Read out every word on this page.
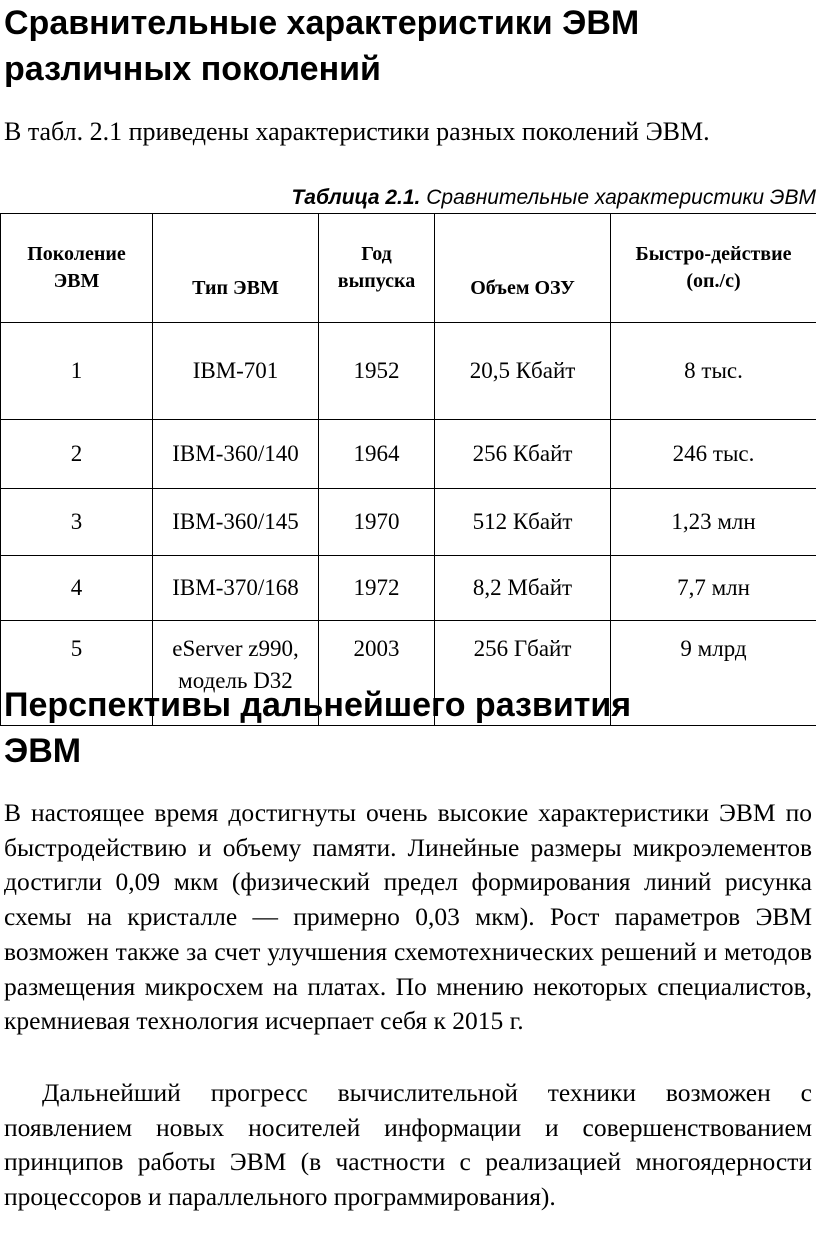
Сравнительные характеристики ЭВМ различных поколений
В табл. 2.1 приведены характеристики разных поколений ЭВМ.
Таблица 2.1. Сравнительные характеристики ЭВМ
Поколение ЭВМ	Тип ЭВМ	Год выпуска	Объем ОЗУ	Быстро-действие (оп./с)
1	IBM-701	1952	20,5 Кбайт	8 тыс.
2	IBM-360/140	1964	256 Кбайт	246 тыс.
3	IBM-360/145	1970	512 Кбайт	1,23 млн
4	IBM-370/168	1972	8,2 Мбайт	7,7 млн
5	eServer z990, модель D32	2003	256 Гбайт	9 млрд
Перспективы дальнейшего развития ЭВМ
В настоящее время достигнуты очень высокие характеристики ЭВМ по быстродействию и объему памяти. Линейные размеры микроэлементов достигли 0,09 мкм (физический предел формирования линий рисунка схемы на кристалле — примерно 0,03 мкм). Рост параметров ЭВМ возможен также за счет улучшения схемотехнических решений и методов размещения микросхем на платах. По мнению некоторых специалистов, кремниевая технология исчерпает себя к 2015 г.
Дальнейший прогресс вычислительной техники возможен с появлением новых носителей информации и совершенствованием принципов работы ЭВМ (в частности с реализацией многоядерности процессоров и параллельного программирования).
